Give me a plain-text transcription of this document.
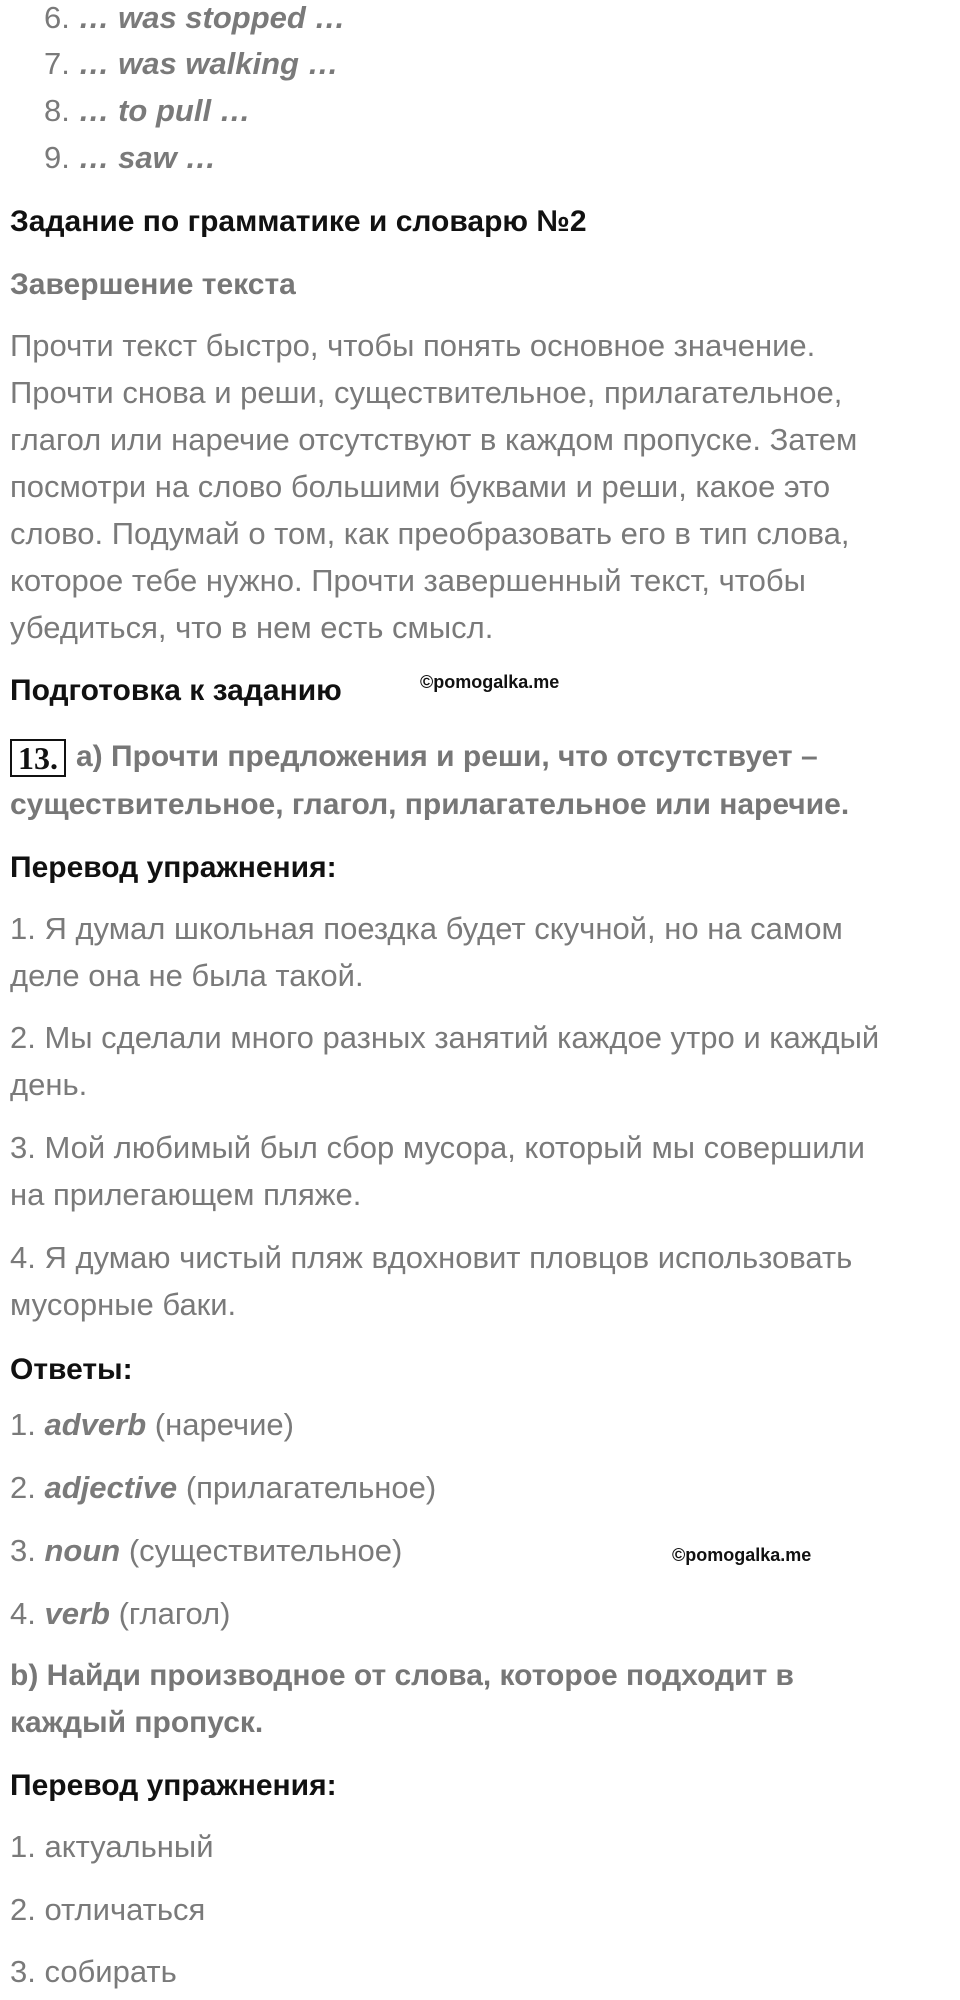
6. … was stopped …
7. … was walking …
8. … to pull …
9. … saw …
Задание по грамматике и словарю №2
Завершение текста
Прочти текст быстро, чтобы понять основное значение.
Прочти снова и реши, существительное, прилагательное,
глагол или наречие отсутствуют в каждом пропуске. Затем
посмотри на слово большими буквами и реши, какое это
слово. Подумай о том, как преобразовать его в тип слова,
которое тебе нужно. Прочти завершенный текст, чтобы
убедиться, что в нем есть смысл.
Подготовка к заданию	©pomogalka.me
13. a) Прочти предложения и реши, что отсутствует –
существительное, глагол, прилагательное или наречие.
Перевод упражнения:
1. Я думал школьная поездка будет скучной, но на самом
деле она не была такой.
2. Мы сделали много разных занятий каждое утро и каждый
день.
3. Мой любимый был сбор мусора, который мы совершили
на прилегающем пляже.
4. Я думаю чистый пляж вдохновит пловцов использовать
мусорные баки.
Ответы:
1. adverb (наречие)
2. adjective (прилагательное)
3. noun (существительное)	©pomogalka.me
4. verb (глагол)
b) Найди производное от слова, которое подходит в
каждый пропуск.
Перевод упражнения:
1. актуальный
2. отличаться
3. собирать
